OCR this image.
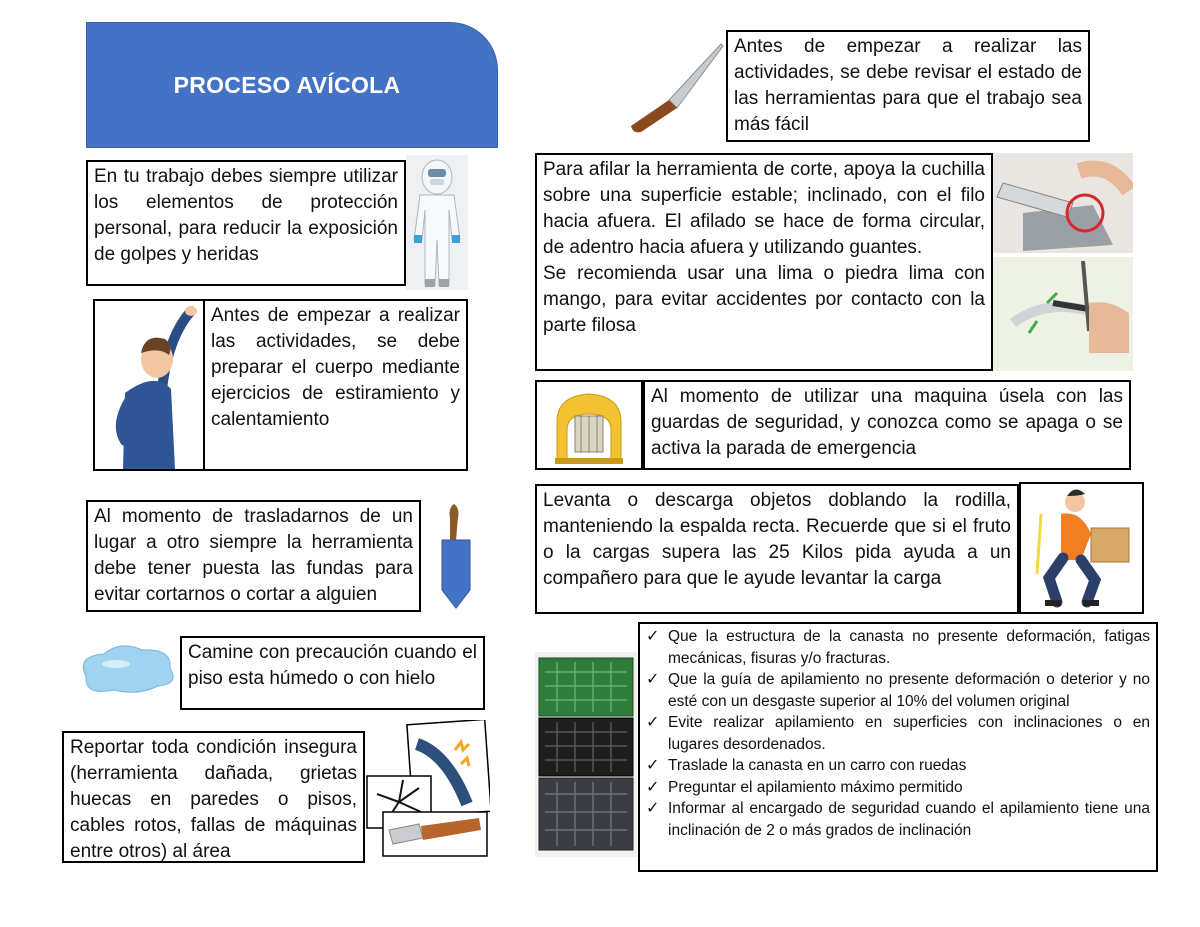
PROCESO AVÍCOLA
En tu trabajo debes siempre utilizar los elementos de protección personal, para reducir la exposición de golpes y heridas
Antes de empezar a realizar las actividades, se debe preparar el cuerpo mediante ejercicios de estiramiento y calentamiento
Al momento de trasladarnos de un lugar a otro siempre la herramienta debe tener puesta las fundas para evitar cortarnos o cortar a alguien
Camine con precaución cuando el piso esta húmedo o con hielo
Reportar toda condición insegura (herramienta dañada, grietas huecas en paredes o pisos, cables rotos, fallas de máquinas entre otros) al área
Antes de empezar a realizar las actividades, se debe revisar el estado de las herramientas para que el trabajo sea más fácil
Para afilar la herramienta de corte, apoya la cuchilla sobre una superficie estable; inclinado, con el filo hacia afuera. El afilado se hace de forma circular, de adentro hacia afuera y utilizando guantes.
Se recomienda usar una lima o piedra lima con mango, para evitar accidentes por contacto con la parte filosa
Al momento de utilizar una maquina úsela con las guardas de seguridad, y conozca como se apaga o se activa la parada de emergencia
Levanta o descarga objetos doblando la rodilla, manteniendo la espalda recta. Recuerde que si el fruto o la cargas supera las 25 Kilos pida ayuda a un compañero para que le ayude levantar la carga
✓ Que la estructura de la canasta no presente deformación, fatigas mecánicas, fisuras y/o fracturas.
✓ Que la guía de apilamiento no presente deformación o deterior y no esté con un desgaste superior al 10% del volumen original
✓ Evite realizar apilamiento en superficies con inclinaciones o en lugares desordenados.
✓ Traslade la canasta en un carro con ruedas
✓ Preguntar el apilamiento máximo permitido
✓ Informar al encargado de seguridad cuando el apilamiento tiene una inclinación de 2 o más grados de inclinación
